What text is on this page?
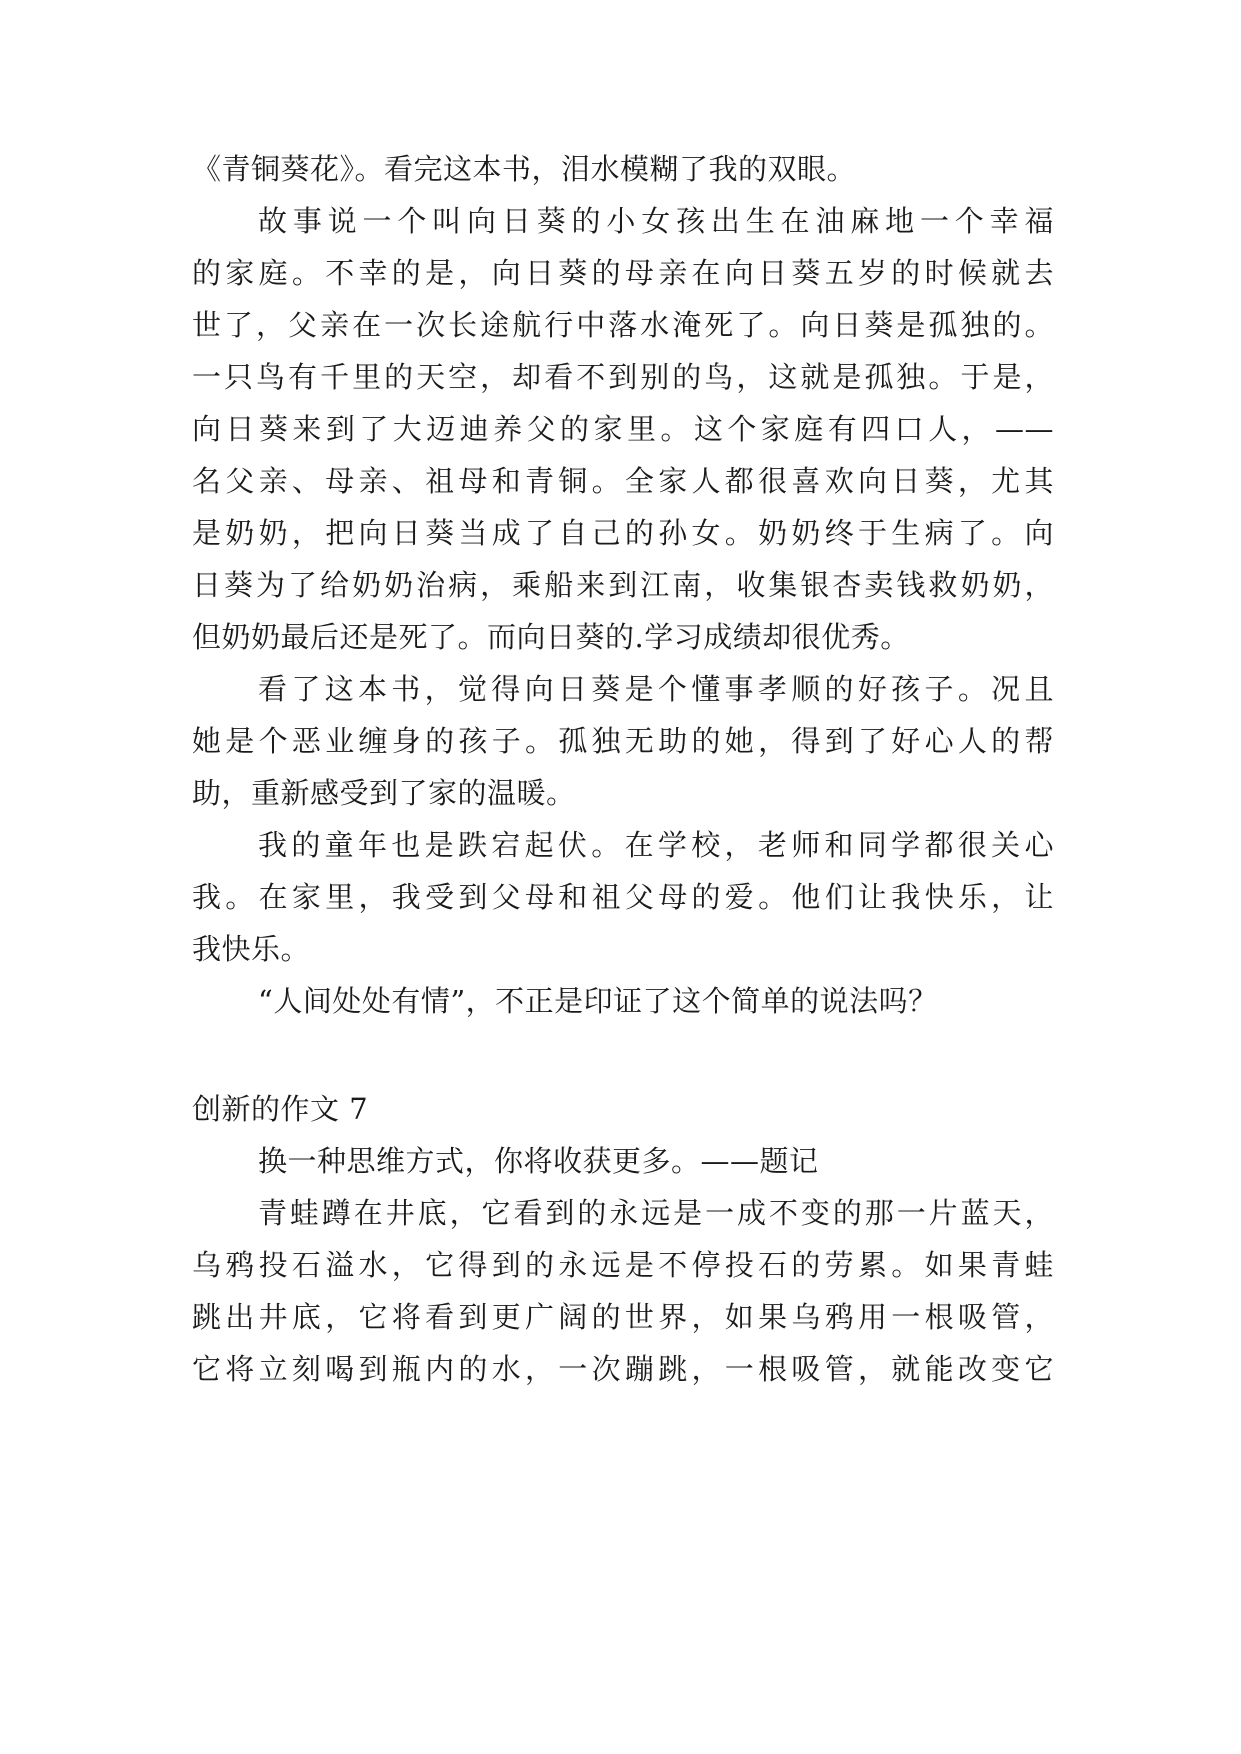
《青铜葵花》。看完这本书，泪水模糊了我的双眼。
故事说一个叫向日葵的小女孩出生在油麻地一个幸福
的家庭。不幸的是，向日葵的母亲在向日葵五岁的时候就去
世了，父亲在一次长途航行中落水淹死了。向日葵是孤独的。
一只鸟有千里的天空，却看不到别的鸟，这就是孤独。于是，
向日葵来到了大迈迪养父的家里。这个家庭有四口人，——
名父亲、母亲、祖母和青铜。全家人都很喜欢向日葵，尤其
是奶奶，把向日葵当成了自己的孙女。奶奶终于生病了。向
日葵为了给奶奶治病，乘船来到江南，收集银杏卖钱救奶奶，
但奶奶最后还是死了。而向日葵的.学习成绩却很优秀。
看了这本书，觉得向日葵是个懂事孝顺的好孩子。况且
她是个恶业缠身的孩子。孤独无助的她，得到了好心人的帮
助，重新感受到了家的温暖。
我的童年也是跌宕起伏。在学校，老师和同学都很关心
我。在家里，我受到父母和祖父母的爱。他们让我快乐，让
我快乐。
“人间处处有情”，不正是印证了这个简单的说法吗？
创新的作文 7
换一种思维方式，你将收获更多。——题记
青蛙蹲在井底，它看到的永远是一成不变的那一片蓝天，
乌鸦投石溢水，它得到的永远是不停投石的劳累。如果青蛙
跳出井底，它将看到更广阔的世界，如果乌鸦用一根吸管，
它将立刻喝到瓶内的水，一次蹦跳，一根吸管，就能改变它
